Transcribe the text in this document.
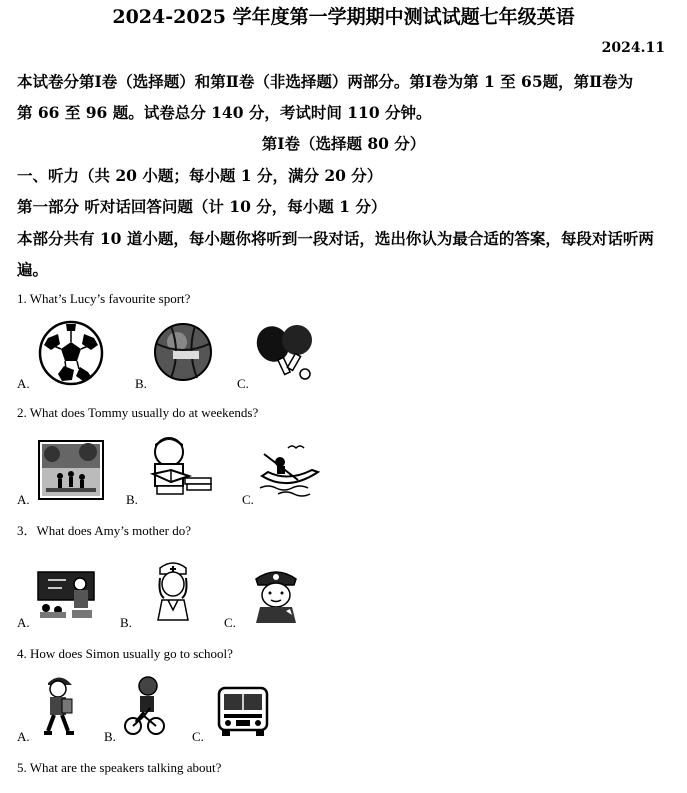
2024-2025 学年度第一学期期中测试试题七年级英语
2024.11
本试卷分第Ⅰ卷（选择题）和第Ⅱ卷（非选择题）两部分。第Ⅰ卷为第 1 至 65题，第Ⅱ卷为
第 66 至 96 题。试卷总分 140 分，考试时间 110 分钟。
第Ⅰ卷（选择题 80 分）
一、听力（共 20 小题；每小题 1 分，满分 20 分）
第一部分 听对话回答问题（计 10 分，每小题 1 分）
本部分共有 10 道小题，每小题你将听到一段对话，选出你认为最合适的答案，每段对话听两
遍。
1. What’s Lucy’s favourite sport?
A.	B.	C.
2. What does Tommy usually do at weekends?
A.	B.	C.
3．What does Amy’s mother do?
A.	B.	C.
4. How does Simon usually go to school?
A.	B.	C.
5. What are the speakers talking about?
